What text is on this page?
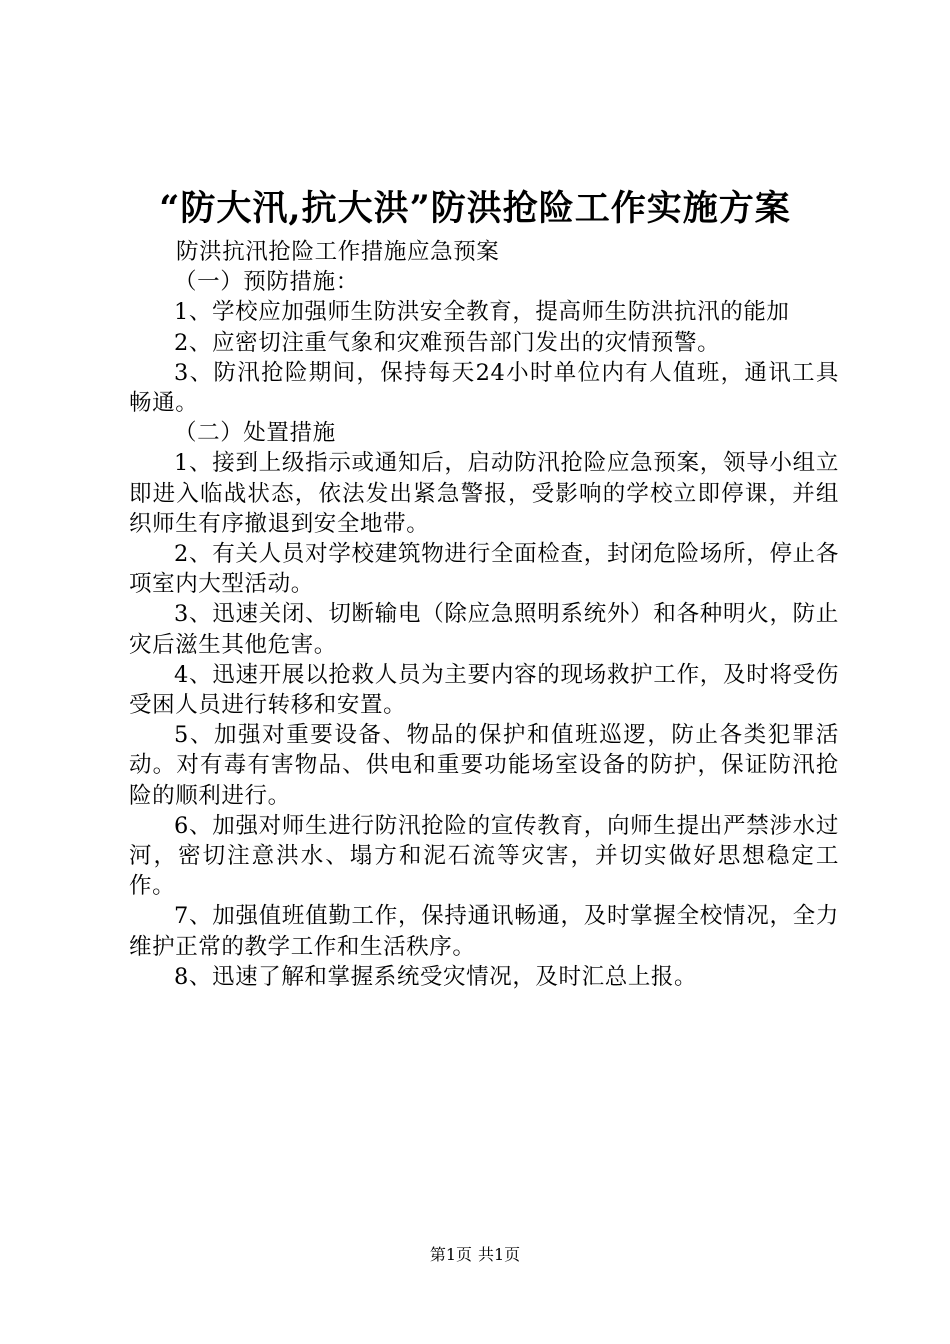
“防大汛,抗大洪”防洪抢险工作实施方案

防洪抗汛抢险工作措施应急预案

（一）预防措施：

1、学校应加强师生防洪安全教育，提高师生防洪抗汛的能加

2、应密切注重气象和灾难预告部门发出的灾情预警。

3、防汛抢险期间，保持每天24小时单位内有人值班，通讯工具畅通。

（二）处置措施

1、接到上级指示或通知后，启动防汛抢险应急预案，领导小组立即进入临战状态，依法发出紧急警报，受影响的学校立即停课，并组织师生有序撤退到安全地带。

2、有关人员对学校建筑物进行全面检查，封闭危险场所，停止各项室内大型活动。

3、迅速关闭、切断输电（除应急照明系统外）和各种明火，防止灾后滋生其他危害。

4、迅速开展以抢救人员为主要内容的现场救护工作，及时将受伤受困人员进行转移和安置。

5、加强对重要设备、物品的保护和值班巡逻，防止各类犯罪活动。对有毒有害物品、供电和重要功能场室设备的防护，保证防汛抢险的顺利进行。

6、加强对师生进行防汛抢险的宣传教育，向师生提出严禁涉水过河，密切注意洪水、塌方和泥石流等灾害，并切实做好思想稳定工作。

7、加强值班值勤工作，保持通讯畅通，及时掌握全校情况，全力维护正常的教学工作和生活秩序。

8、迅速了解和掌握系统受灾情况，及时汇总上报。

第1页 共1页
